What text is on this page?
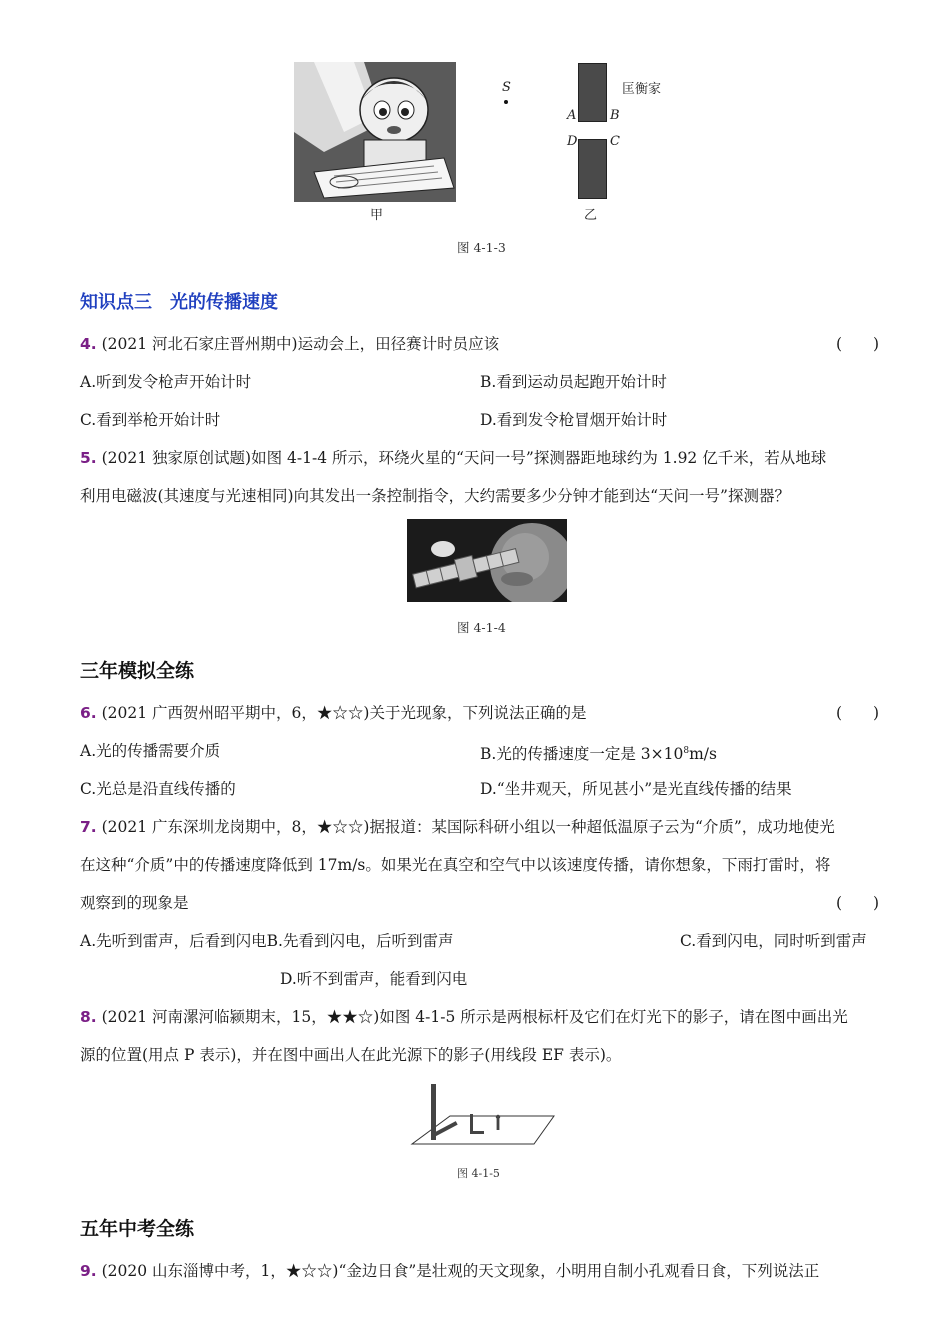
甲
S	匡衡家
A	B
D	C
乙
图 4-1-3
知识点三　光的传播速度
4. (2021 河北石家庄晋州期中)运动会上，田径赛计时员应该	(　　)
A.听到发令枪声开始计时	B.看到运动员起跑开始计时
C.看到举枪开始计时	D.看到发令枪冒烟开始计时
5. (2021 独家原创试题)如图 4-1-4 所示，环绕火星的“天问一号”探测器距地球约为 1.92 亿千米，若从地球
利用电磁波(其速度与光速相同)向其发出一条控制指令，大约需要多少分钟才能到达“天问一号”探测器？
图 4-1-4
三年模拟全练
6. (2021 广西贺州昭平期中，6，★☆☆)关于光现象，下列说法正确的是	(　　)
A.光的传播需要介质	B.光的传播速度一定是 $3\times 10^8m/s$
C.光总是沿直线传播的	D.“坐井观天，所见甚小”是光直线传播的结果
7. (2021 广东深圳龙岗期中，8，★☆☆)据报道：某国际科研小组以一种超低温原子云为“介质”，成功地使光
在这种“介质”中的传播速度降低到 17m/s。如果光在真空和空气中以该速度传播，请你想象，下雨打雷时，将
观察到的现象是	(　　)
A.先听到雷声，后看到闪电B.先看到闪电，后听到雷声	C.看到闪电，同时听到雷声
D.听不到雷声，能看到闪电
8. (2021 河南漯河临颍期末，15，★★☆)如图 4-1-5 所示是两根标杆及它们在灯光下的影子，请在图中画出光
源的位置(用点 P 表示)，并在图中画出人在此光源下的影子(用线段 EF 表示)。
图 4-1-5
五年中考全练
9. (2020 山东淄博中考，1，★☆☆)“金边日食”是壮观的天文现象，小明用自制小孔观看日食，下列说法正
